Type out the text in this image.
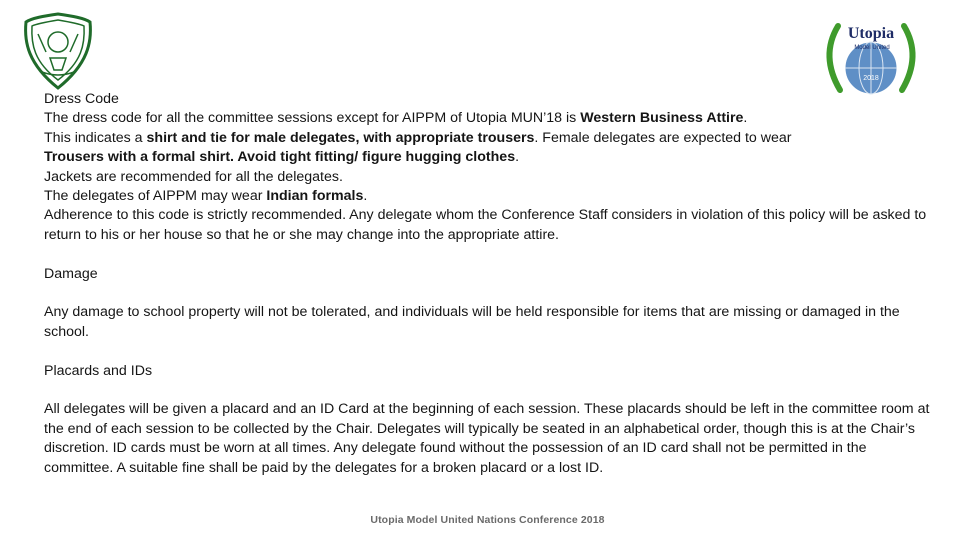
Utopia
Model United
2018

Dress Code

The dress code for all the committee sessions except for AIPPM of Utopia MUN’18 is Western Business Attire.

This indicates a shirt and tie for male delegates, with appropriate trousers. Female delegates are expected to wear

Trousers with a formal shirt. Avoid tight fitting/ figure hugging clothes.

Jackets are recommended for all the delegates.

The delegates of AIPPM may wear Indian formals.

Adherence to this code is strictly recommended. Any delegate whom the Conference Staff considers in violation of this policy will be asked to return to his or her house so that he or she may change into the appropriate attire.

Damage

Any damage to school property will not be tolerated, and individuals will be held responsible for items that are missing or damaged in the school.

Placards and IDs

All delegates will be given a placard and an ID Card at the beginning of each session. These placards should be left in the committee room at the end of each session to be collected by the Chair. Delegates will typically be seated in an alphabetical order, though this is at the Chair’s discretion. ID cards must be worn at all times. Any delegate found without the possession of an ID card shall not be permitted in the committee. A suitable fine shall be paid by the delegates for a broken placard or a lost ID.

Utopia Model United Nations Conference 2018
